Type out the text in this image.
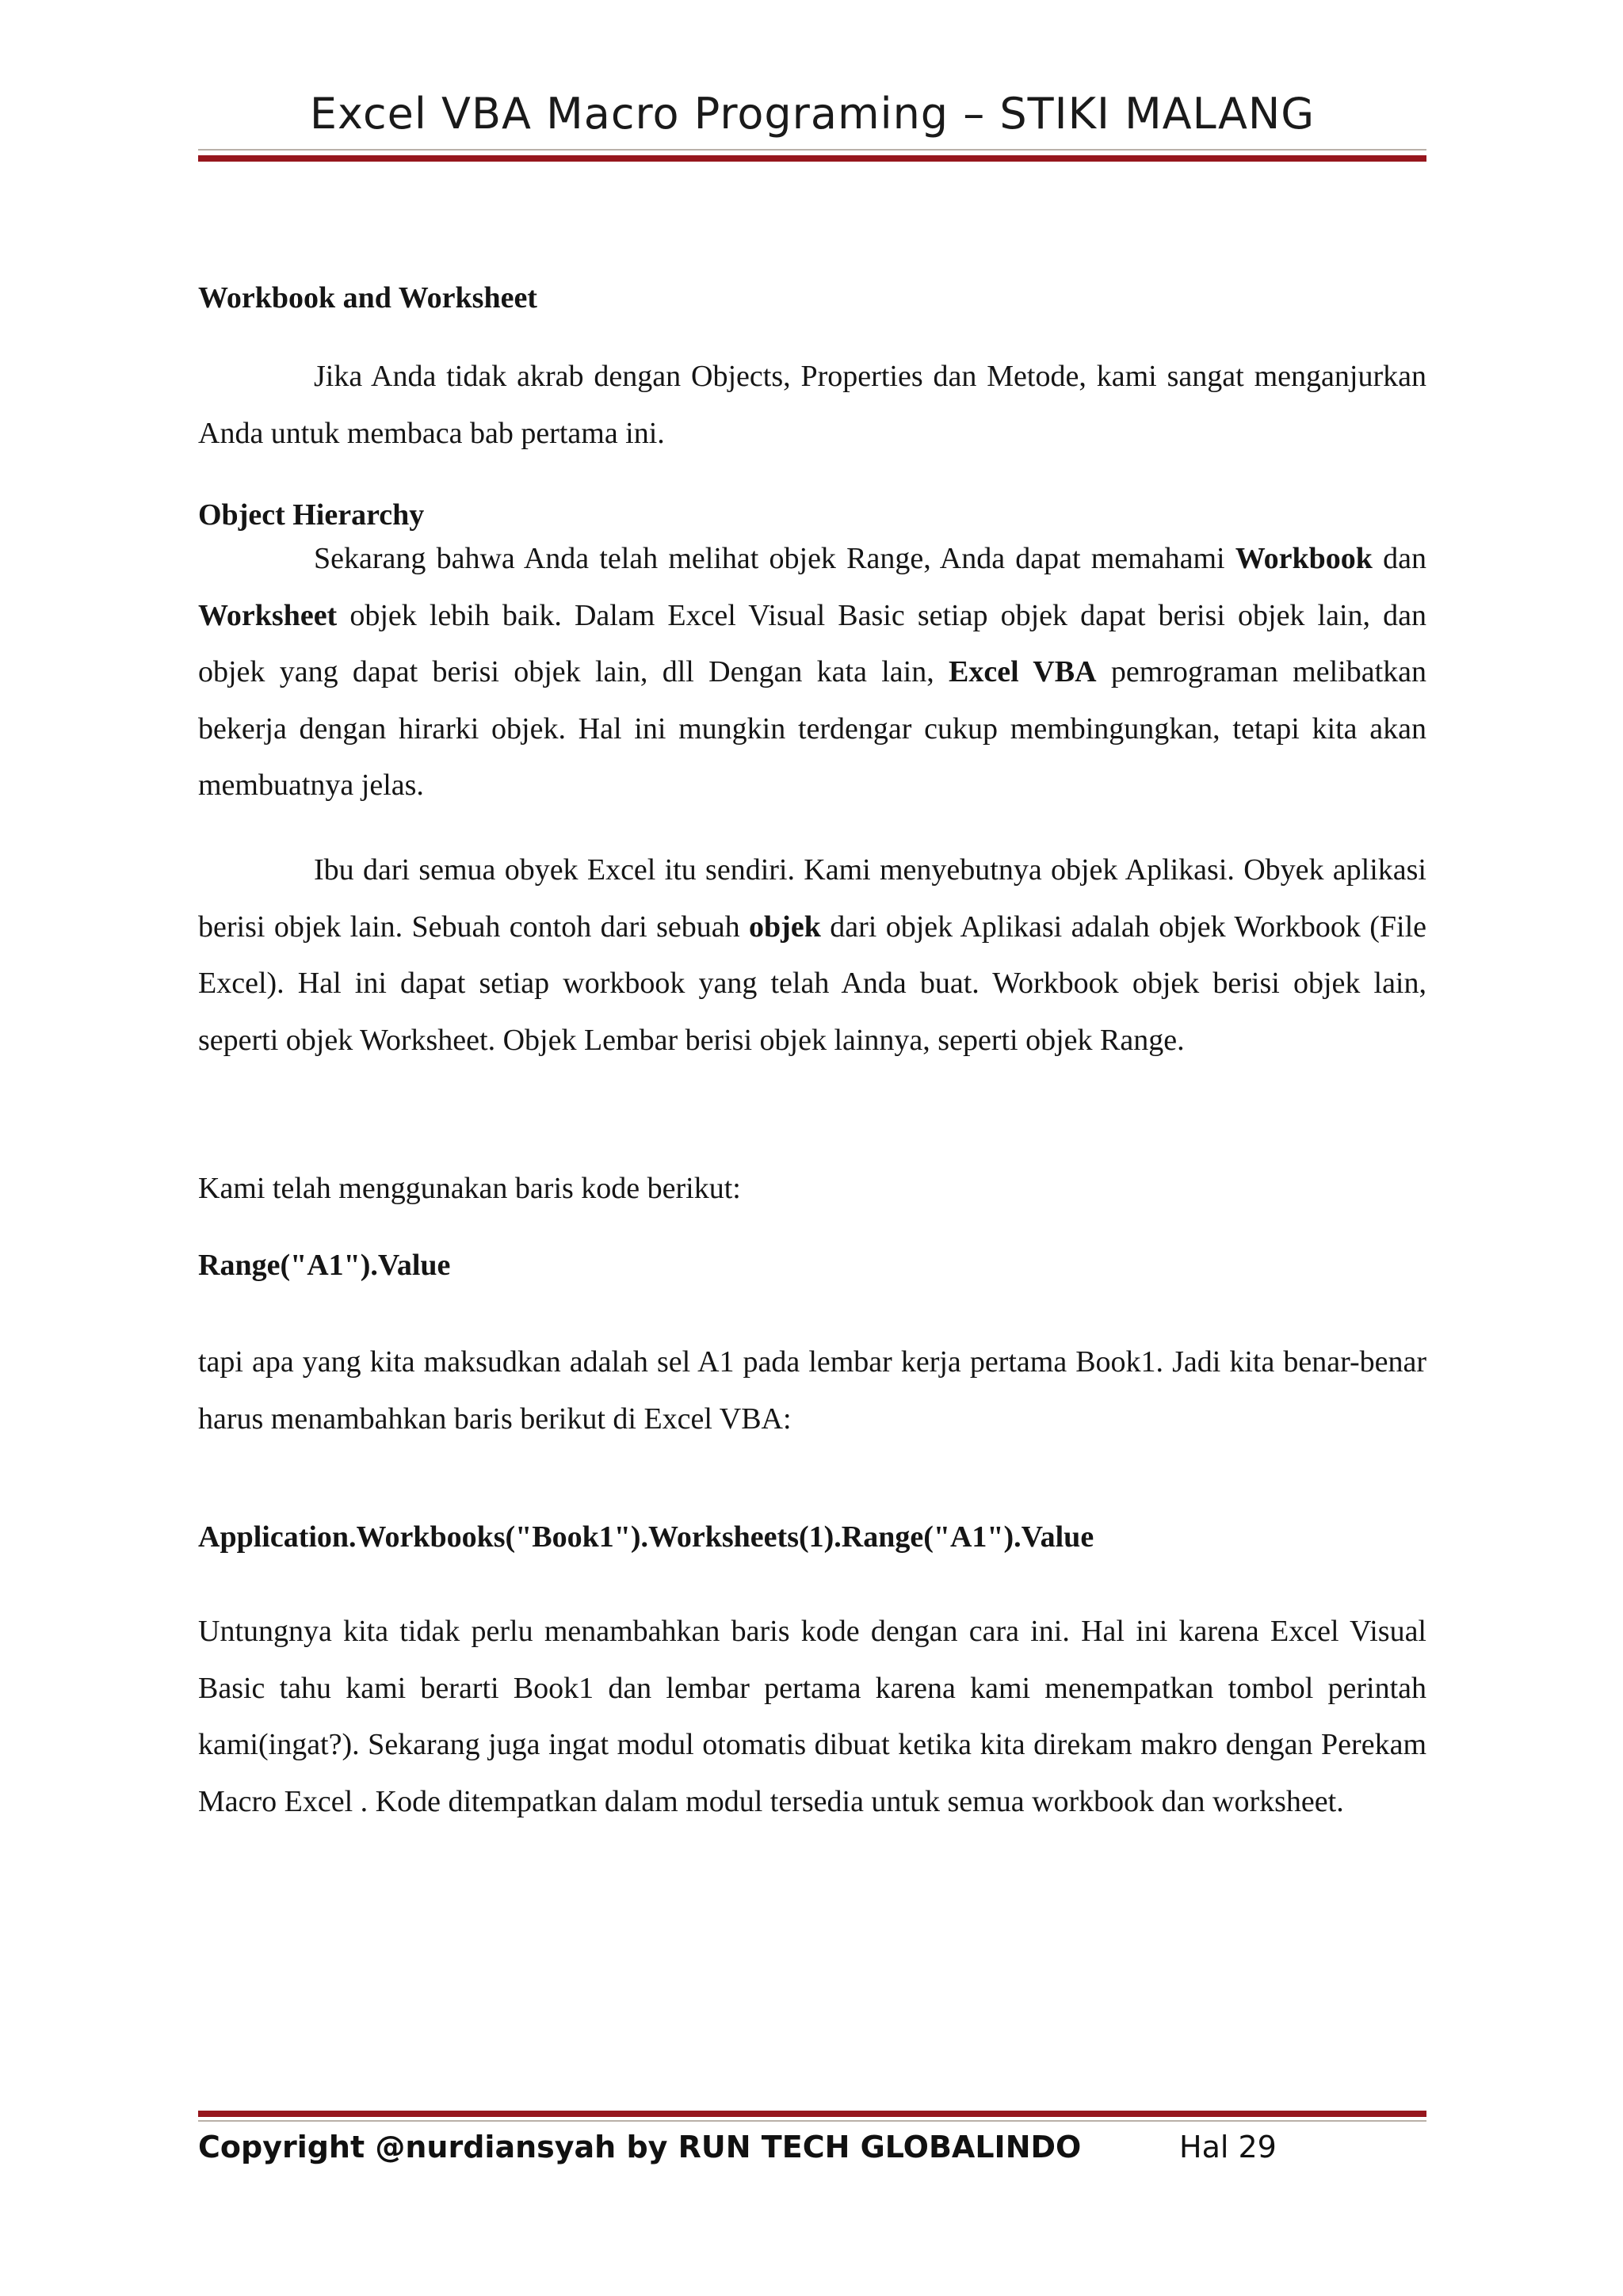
Excel VBA Macro Programing – STIKI MALANG
Workbook and Worksheet
Jika Anda tidak akrab dengan Objects, Properties dan Metode, kami sangat menganjurkan Anda untuk membaca bab pertama ini.
Object Hierarchy
Sekarang bahwa Anda telah melihat objek Range, Anda dapat memahami Workbook dan Worksheet objek lebih baik. Dalam Excel Visual Basic setiap objek dapat berisi objek lain, dan objek yang dapat berisi objek lain, dll Dengan kata lain, Excel VBA pemrograman melibatkan bekerja dengan hirarki objek. Hal ini mungkin terdengar cukup membingungkan, tetapi kita akan membuatnya jelas.
Ibu dari semua obyek Excel itu sendiri. Kami menyebutnya objek Aplikasi. Obyek aplikasi berisi objek lain. Sebuah contoh dari sebuah objek dari objek Aplikasi adalah objek Workbook (File Excel). Hal ini dapat setiap workbook yang telah Anda buat. Workbook objek berisi objek lain, seperti objek Worksheet. Objek Lembar berisi objek lainnya, seperti objek Range.
Kami telah menggunakan baris kode berikut:
Range("A1").Value
tapi apa yang kita maksudkan adalah sel A1 pada lembar kerja pertama Book1. Jadi kita benar-benar harus menambahkan baris berikut di Excel VBA:
Application.Workbooks("Book1").Worksheets(1).Range("A1").Value
Untungnya kita tidak perlu menambahkan baris kode dengan cara ini. Hal ini karena Excel Visual Basic tahu kami berarti Book1 dan lembar pertama karena kami menempatkan tombol perintah kami(ingat?). Sekarang juga ingat modul otomatis dibuat ketika kita direkam makro dengan Perekam Macro Excel . Kode ditempatkan dalam modul tersedia untuk semua workbook dan worksheet.
Copyright @nurdiansyah by RUN TECH GLOBALINDO	Hal 29
